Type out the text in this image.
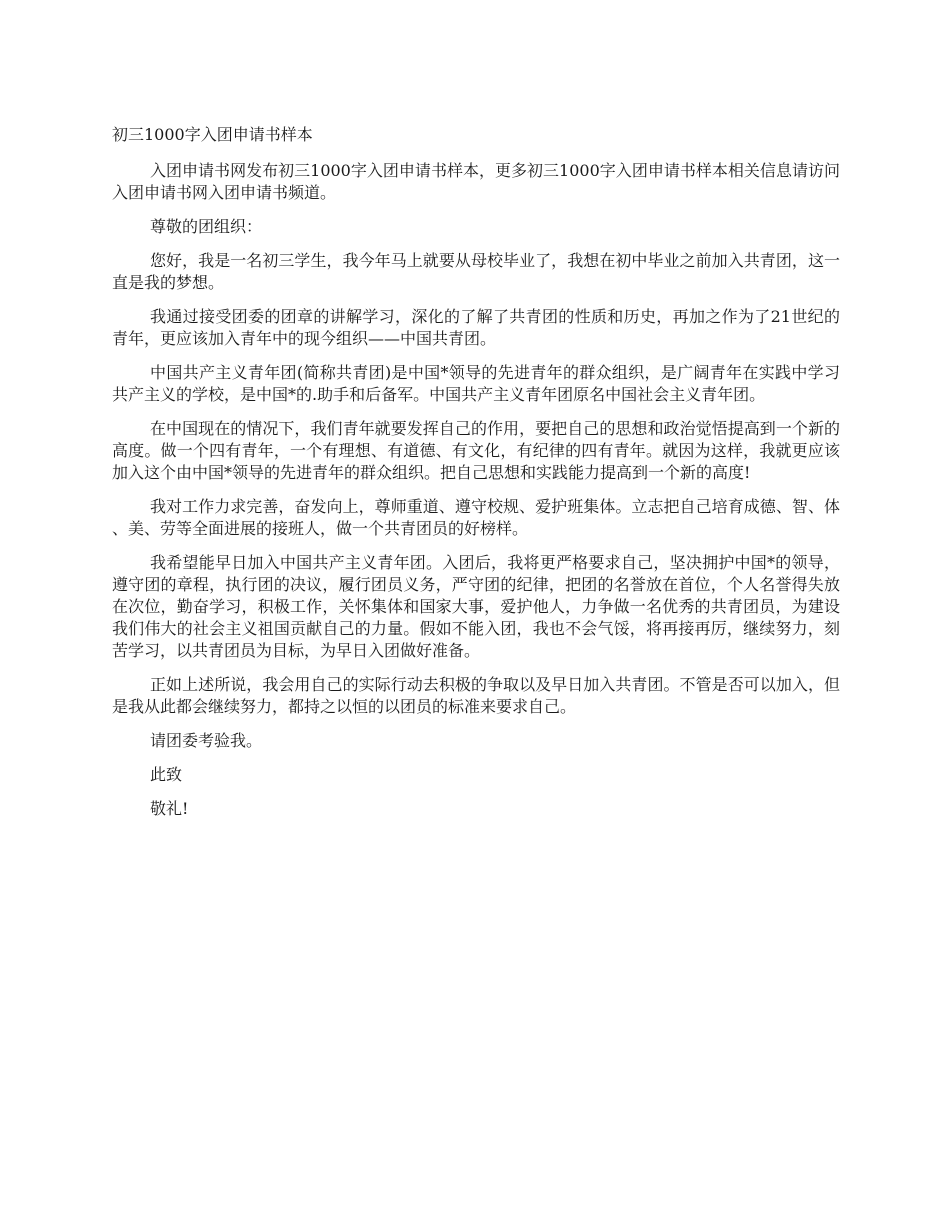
初三1000字入团申请书样本

入团申请书网发布初三1000字入团申请书样本，更多初三1000字入团申请书样本相关信息请访问入团申请书网入团申请书频道。

尊敬的团组织：

您好，我是一名初三学生，我今年马上就要从母校毕业了，我想在初中毕业之前加入共青团，这一直是我的梦想。

我通过接受团委的团章的讲解学习，深化的了解了共青团的性质和历史，再加之作为了21世纪的青年，更应该加入青年中的现今组织——中国共青团。

中国共产主义青年团(简称共青团)是中国*领导的先进青年的群众组织，是广阔青年在实践中学习共产主义的学校，是中国*的.助手和后备军。中国共产主义青年团原名中国社会主义青年团。

在中国现在的情况下，我们青年就要发挥自己的作用，要把自己的思想和政治觉悟提高到一个新的高度。做一个四有青年，一个有理想、有道德、有文化，有纪律的四有青年。就因为这样，我就更应该加入这个由中国*领导的先进青年的群众组织。把自己思想和实践能力提高到一个新的高度!

我对工作力求完善，奋发向上，尊师重道、遵守校规、爱护班集体。立志把自己培育成德、智、体、美、劳等全面进展的接班人，做一个共青团员的好榜样。

我希望能早日加入中国共产主义青年团。入团后，我将更严格要求自己，坚决拥护中国*的领导，遵守团的章程，执行团的决议，履行团员义务，严守团的纪律，把团的名誉放在首位，个人名誉得失放在次位，勤奋学习，积极工作，关怀集体和国家大事，爱护他人，力争做一名优秀的共青团员，为建设我们伟大的社会主义祖国贡献自己的力量。假如不能入团，我也不会气馁，将再接再厉，继续努力，刻苦学习，以共青团员为目标，为早日入团做好准备。

正如上述所说，我会用自己的实际行动去积极的争取以及早日加入共青团。不管是否可以加入，但是我从此都会继续努力，都持之以恒的以团员的标准来要求自己。

请团委考验我。

此致

敬礼!
